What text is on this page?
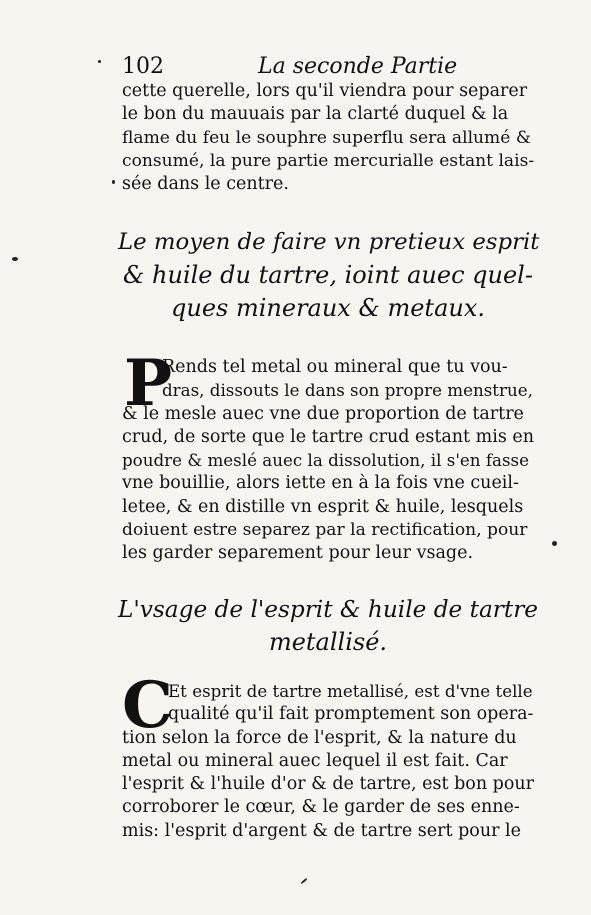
102	La seconde Partie
cette querelle, lors qu'il viendra pour separer
le bon du mauuais par la clarté duquel & la
flame du feu le souphre superflu sera allumé &
consumé, la pure partie mercurialle estant lais-
sée dans le centre.
Le moyen de faire vn pretieux esprit
& huile du tartre, ioint auec quel-
ques mineraux & metaux.
P
Rends tel metal ou mineral que tu vou-
dras, dissouts le dans son propre menstrue,
& le mesle auec vne due proportion de tartre
crud, de sorte que le tartre crud estant mis en
poudre & meslé auec la dissolution, il s'en fasse
vne bouillie, alors iette en à la fois vne cueil-
letee, & en distille vn esprit & huile, lesquels
doiuent estre separez par la rectification, pour
les garder separement pour leur vsage.
L'vsage de l'esprit & huile de tartre
metallisé.
C
Et esprit de tartre metallisé, est d'vne telle
qualité qu'il fait promptement son opera-
tion selon la force de l'esprit, & la nature du
metal ou mineral auec lequel il est fait. Car
l'esprit & l'huile d'or & de tartre, est bon pour
corroborer le cœur, & le garder de ses enne-
mis: l'esprit d'argent & de tartre sert pour le
